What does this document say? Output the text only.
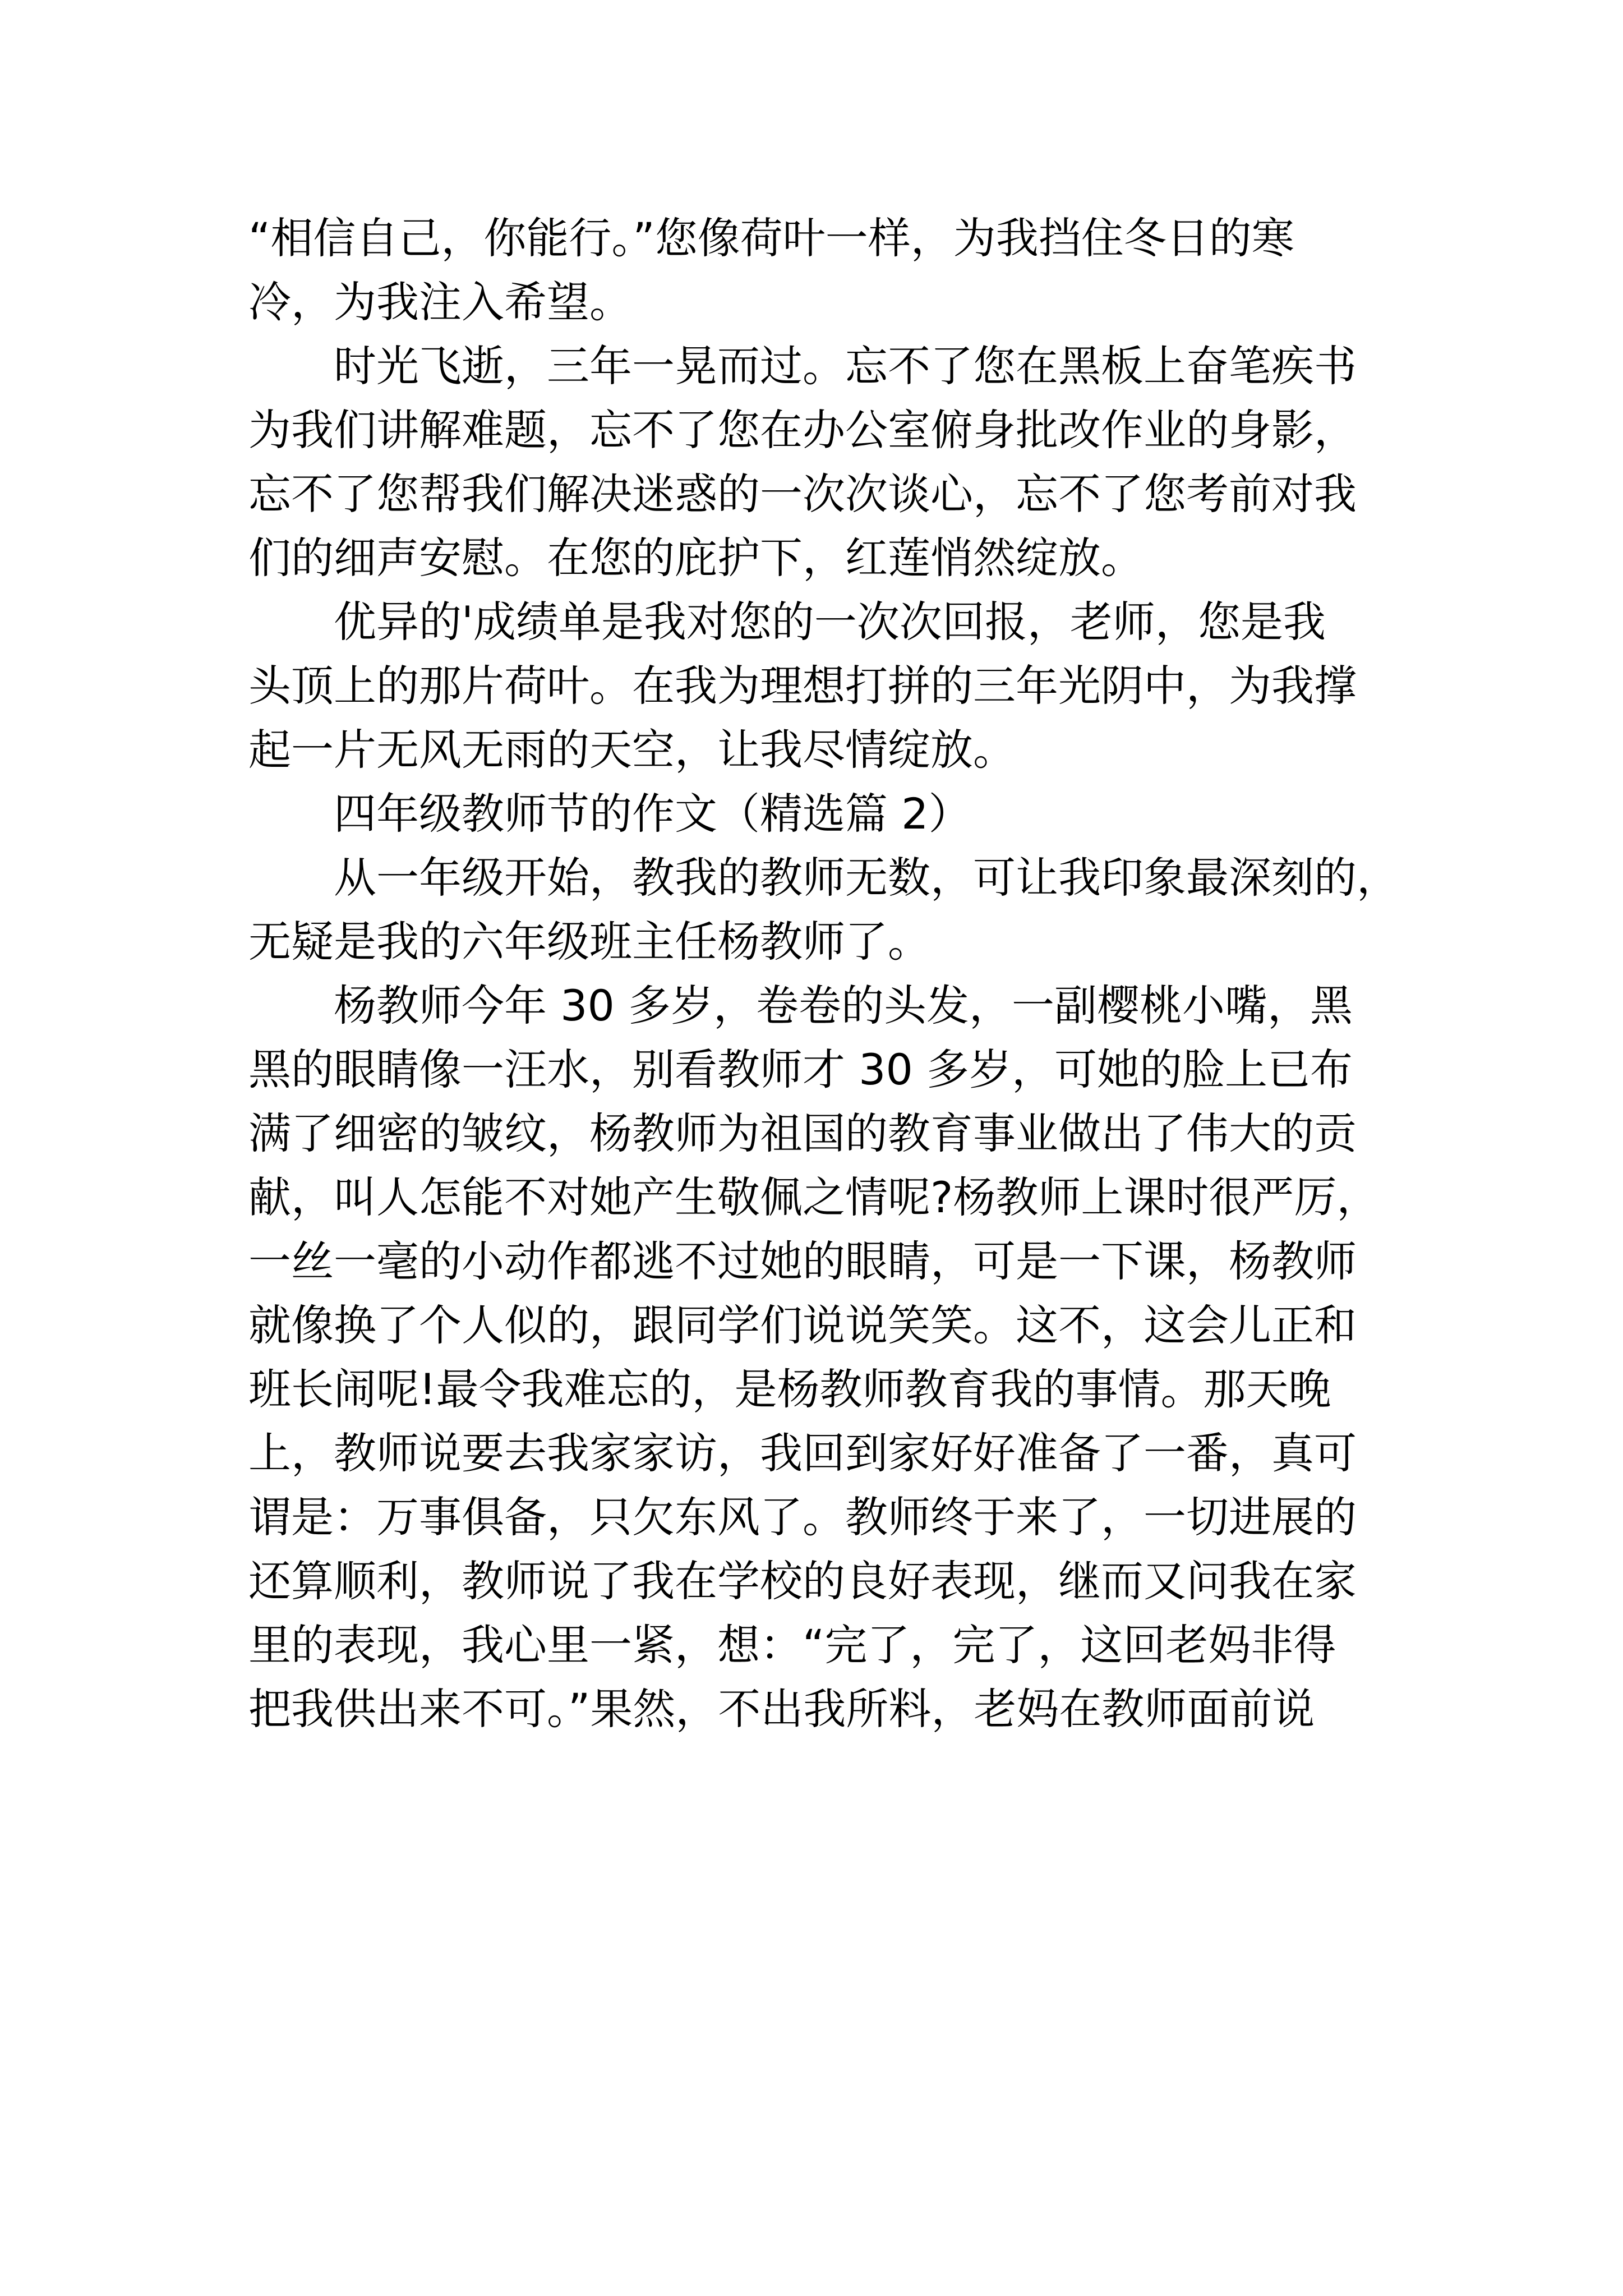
“相信自己，你能行。”您像荷叶一样，为我挡住冬日的寒
冷，为我注入希望。
时光飞逝，三年一晃而过。忘不了您在黑板上奋笔疾书
为我们讲解难题，忘不了您在办公室俯身批改作业的身影，
忘不了您帮我们解决迷惑的一次次谈心，忘不了您考前对我
们的细声安慰。在您的庇护下，红莲悄然绽放。
优异的'成绩单是我对您的一次次回报，老师，您是我
头顶上的那片荷叶。在我为理想打拼的三年光阴中，为我撑
起一片无风无雨的天空，让我尽情绽放。
四年级教师节的作文（精选篇 2）
从一年级开始，教我的教师无数，可让我印象最深刻的，
无疑是我的六年级班主任杨教师了。
杨教师今年 30 多岁，卷卷的头发，一副樱桃小嘴，黑
黑的眼睛像一汪水，别看教师才 30 多岁，可她的脸上已布
满了细密的皱纹，杨教师为祖国的教育事业做出了伟大的贡
献，叫人怎能不对她产生敬佩之情呢?杨教师上课时很严厉，
一丝一毫的小动作都逃不过她的眼睛，可是一下课，杨教师
就像换了个人似的，跟同学们说说笑笑。这不，这会儿正和
班长闹呢!最令我难忘的，是杨教师教育我的事情。那天晚
上，教师说要去我家家访，我回到家好好准备了一番，真可
谓是：万事俱备，只欠东风了。教师终于来了，一切进展的
还算顺利，教师说了我在学校的良好表现，继而又问我在家
里的表现，我心里一紧，想：“完了，完了，这回老妈非得
把我供出来不可。”果然，不出我所料，老妈在教师面前说
